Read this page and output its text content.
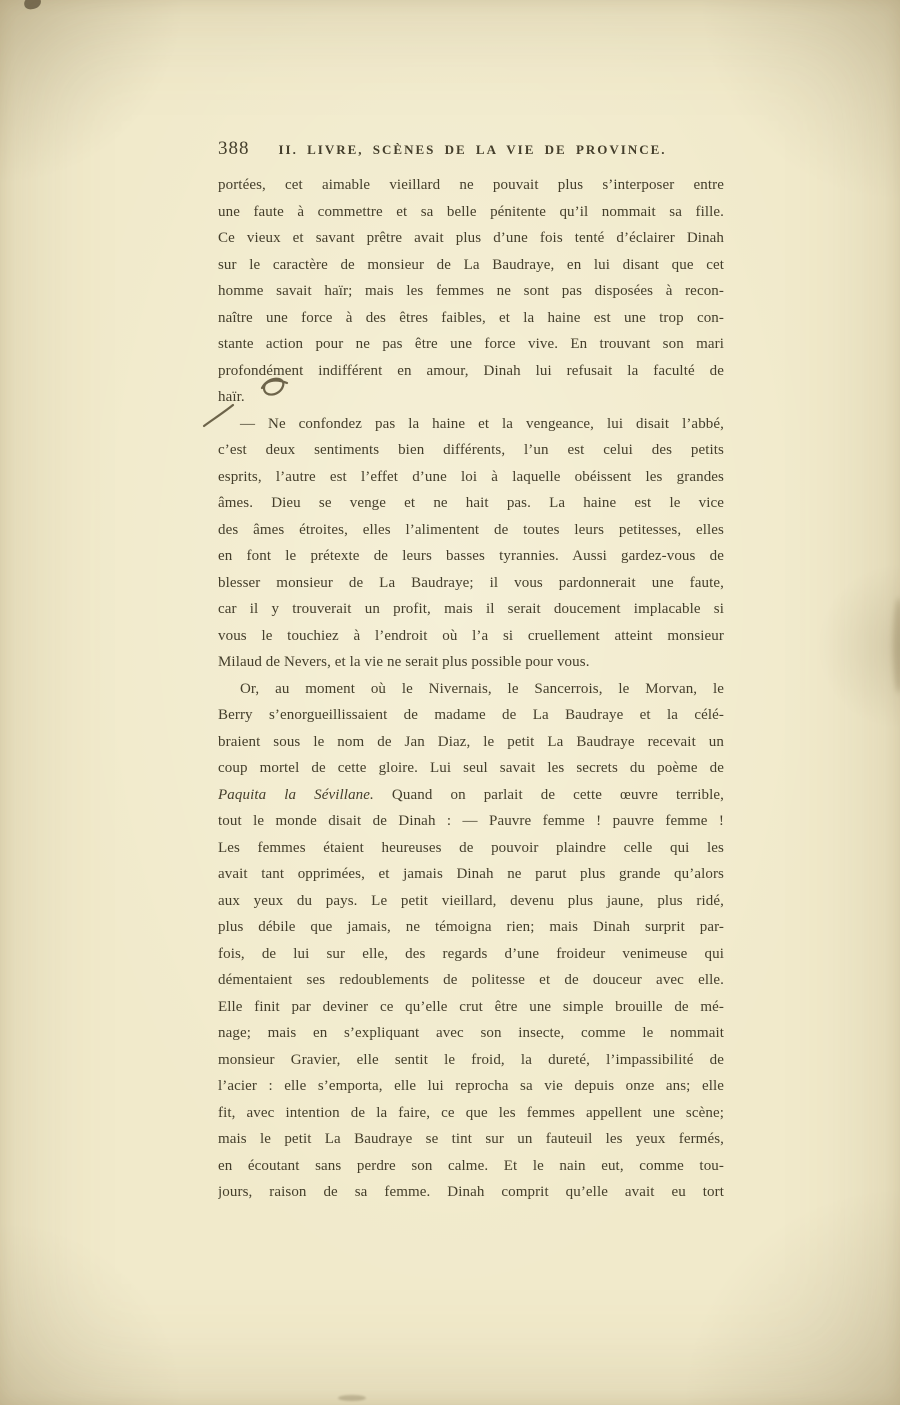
388 II. LIVRE, SCÈNES DE LA VIE DE PROVINCE.
portées, cet aimable vieillard ne pouvait plus s’interposer entre
une faute à commettre et sa belle pénitente qu’il nommait sa fille.
Ce vieux et savant prêtre avait plus d’une fois tenté d’éclairer Dinah
sur le caractère de monsieur de La Baudraye, en lui disant que cet
homme savait haïr; mais les femmes ne sont pas disposées à recon-
naître une force à des êtres faibles, et la haine est une trop con-
stante action pour ne pas être une force vive. En trouvant son mari
profondément indifférent en amour, Dinah lui refusait la faculté de
haïr.
— Ne confondez pas la haine et la vengeance, lui disait l’abbé,
c’est deux sentiments bien différents, l’un est celui des petits
esprits, l’autre est l’effet d’une loi à laquelle obéissent les grandes
âmes. Dieu se venge et ne hait pas. La haine est le vice
des âmes étroites, elles l’alimentent de toutes leurs petitesses, elles
en font le prétexte de leurs basses tyrannies. Aussi gardez-vous de
blesser monsieur de La Baudraye; il vous pardonnerait une faute,
car il y trouverait un profit, mais il serait doucement implacable si
vous le touchiez à l’endroit où l’a si cruellement atteint monsieur
Milaud de Nevers, et la vie ne serait plus possible pour vous.
Or, au moment où le Nivernais, le Sancerrois, le Morvan, le
Berry s’enorgueillissaient de madame de La Baudraye et la célé-
braient sous le nom de Jan Diaz, le petit La Baudraye recevait un
coup mortel de cette gloire. Lui seul savait les secrets du poème de
Paquita la Sévillane. Quand on parlait de cette œuvre terrible,
tout le monde disait de Dinah : — Pauvre femme ! pauvre femme !
Les femmes étaient heureuses de pouvoir plaindre celle qui les
avait tant opprimées, et jamais Dinah ne parut plus grande qu’alors
aux yeux du pays. Le petit vieillard, devenu plus jaune, plus ridé,
plus débile que jamais, ne témoigna rien; mais Dinah surprit par-
fois, de lui sur elle, des regards d’une froideur venimeuse qui
démentaient ses redoublements de politesse et de douceur avec elle.
Elle finit par deviner ce qu’elle crut être une simple brouille de mé-
nage; mais en s’expliquant avec son insecte, comme le nommait
monsieur Gravier, elle sentit le froid, la dureté, l’impassibilité de
l’acier : elle s’emporta, elle lui reprocha sa vie depuis onze ans; elle
fit, avec intention de la faire, ce que les femmes appellent une scène;
mais le petit La Baudraye se tint sur un fauteuil les yeux fermés,
en écoutant sans perdre son calme. Et le nain eut, comme tou-
jours, raison de sa femme. Dinah comprit qu’elle avait eu tort
